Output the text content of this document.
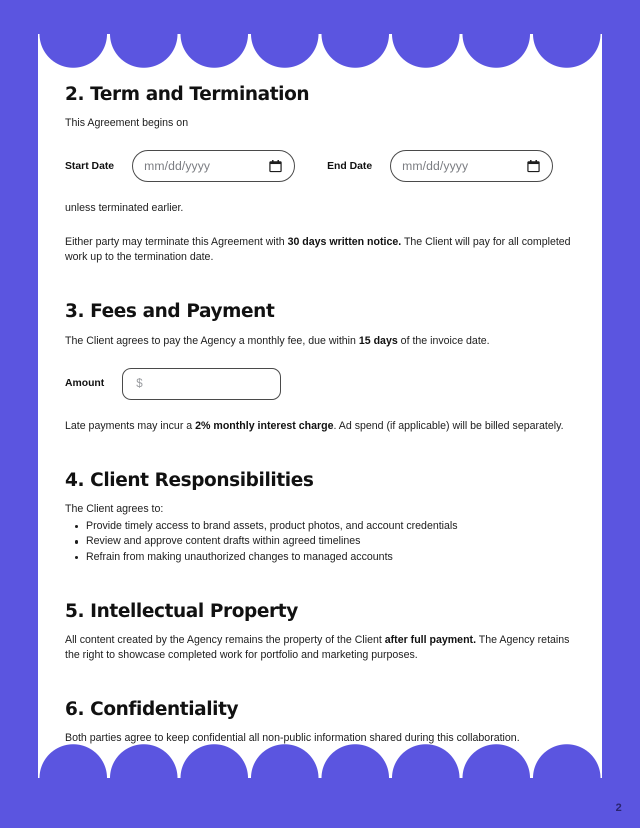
2. Term and Termination

This Agreement begins on

Start Date mm/dd/yyyy	End Date mm/dd/yyyy

unless terminated earlier.

Either party may terminate this Agreement with 30 days written notice. The Client will pay for all completed work up to the termination date.

3. Fees and Payment

The Client agrees to pay the Agency a monthly fee, due within 15 days of the invoice date.

Amount	$

Late payments may incur a 2% monthly interest charge. Ad spend (if applicable) will be billed separately.

4. Client Responsibilities

The Client agrees to:

Provide timely access to brand assets, product photos, and account credentials
Review and approve content drafts within agreed timelines
Refrain from making unauthorized changes to managed accounts
5. Intellectual Property

All content created by the Agency remains the property of the Client after full payment. The Agency retains the right to showcase completed work for portfolio and marketing purposes.

6. Confidentiality

Both parties agree to keep confidential all non-public information shared during this collaboration.

2
